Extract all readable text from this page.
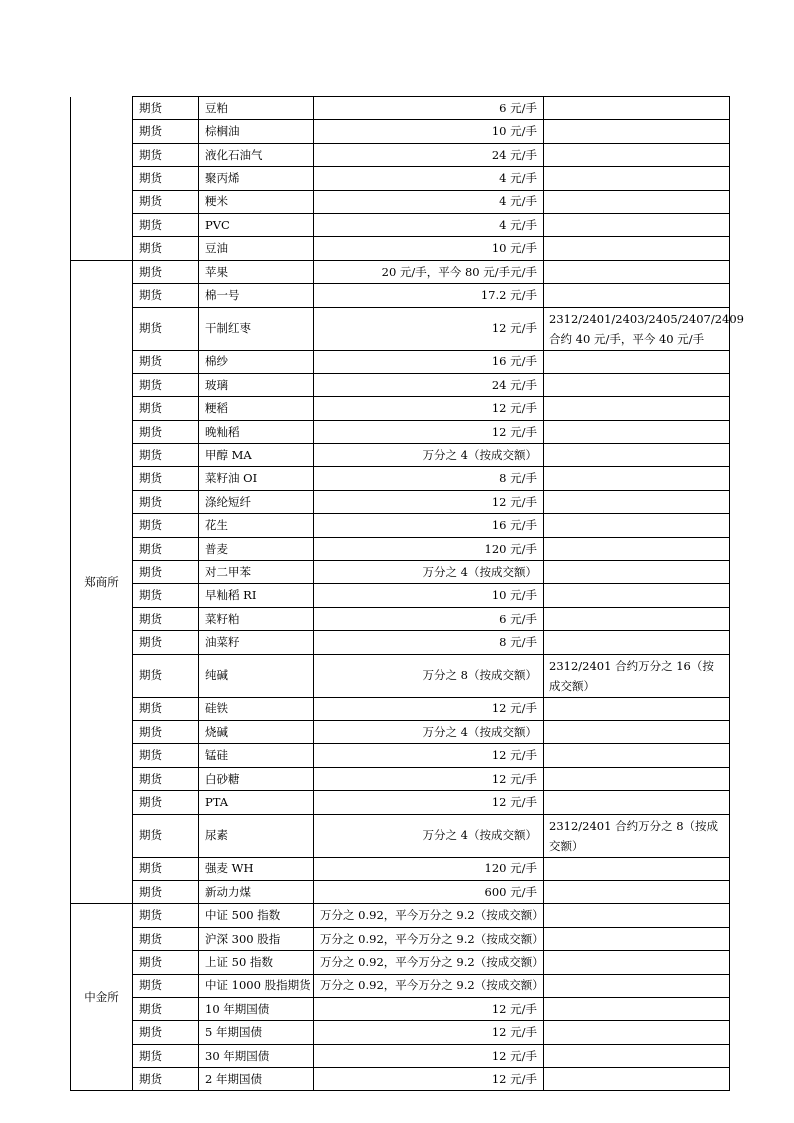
	期货	豆粕	6 元/手	
	期货	棕榈油	10 元/手	
	期货	液化石油气	24 元/手	
	期货	聚丙烯	4 元/手	
	期货	粳米	4 元/手	
	期货	PVC	4 元/手	
	期货	豆油	10 元/手	
郑商所	期货	苹果	20 元/手，平今 80 元/手元/手	
	期货	棉一号	17.2 元/手	
	期货	干制红枣	12 元/手	2312/2401/2403/2405/2407/2409 合约 40 元/手，平今 40 元/手
	期货	棉纱	16 元/手	
	期货	玻璃	24 元/手	
	期货	粳稻	12 元/手	
	期货	晚籼稻	12 元/手	
	期货	甲醇 MA	万分之 4（按成交额）	
	期货	菜籽油 OI	8 元/手	
	期货	涤纶短纤	12 元/手	
	期货	花生	16 元/手	
	期货	普麦	120 元/手	
	期货	对二甲苯	万分之 4（按成交额）	
	期货	早籼稻 RI	10 元/手	
	期货	菜籽粕	6 元/手	
	期货	油菜籽	8 元/手	
	期货	纯碱	万分之 8（按成交额）	2312/2401 合约万分之 16（按成交额）
	期货	硅铁	12 元/手	
	期货	烧碱	万分之 4（按成交额）	
	期货	锰硅	12 元/手	
	期货	白砂糖	12 元/手	
	期货	PTA	12 元/手	
	期货	尿素	万分之 4（按成交额）	2312/2401 合约万分之 8（按成交额）
	期货	强麦 WH	120 元/手	
	期货	新动力煤	600 元/手	
中金所	期货	中证 500 指数	万分之 0.92，平今万分之 9.2（按成交额）	
	期货	沪深 300 股指	万分之 0.92，平今万分之 9.2（按成交额）	
	期货	上证 50 指数	万分之 0.92，平今万分之 9.2（按成交额）	
	期货	中证 1000 股指期货	万分之 0.92，平今万分之 9.2（按成交额）	
	期货	10 年期国债	12 元/手	
	期货	5 年期国债	12 元/手	
	期货	30 年期国债	12 元/手	
	期货	2 年期国债	12 元/手	
